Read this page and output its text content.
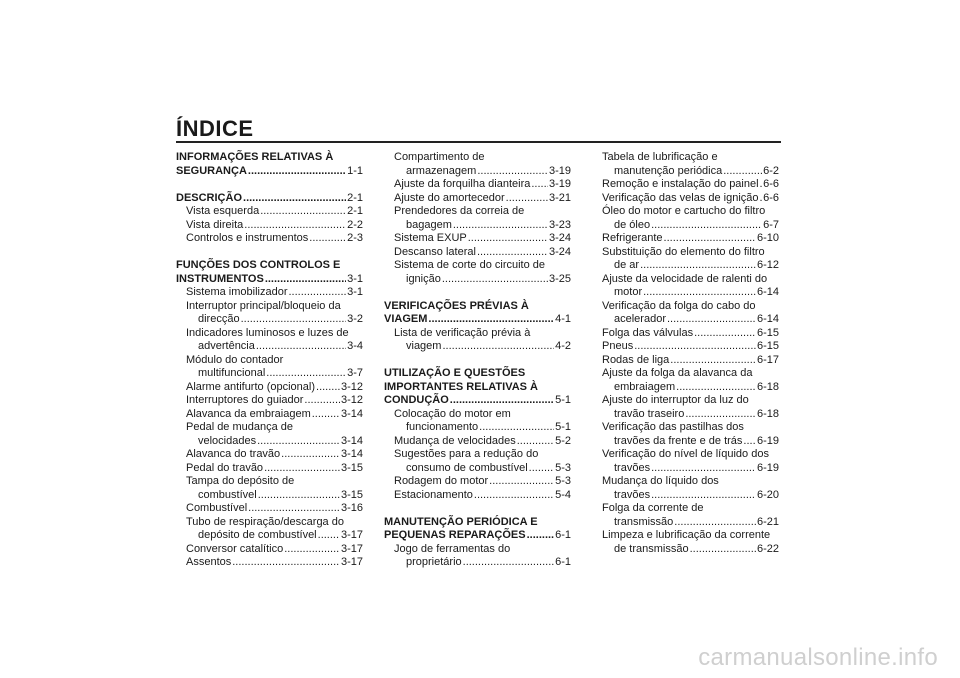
ÍNDICE
INFORMAÇÕES RELATIVAS À
SEGURANÇA .....	1-1
DESCRIÇÃO .....	2-1
Vista esquerda .....	2-1
Vista direita .....	2-2
Controlos e instrumentos .....	2-3
FUNÇÕES DOS CONTROLOS E
INSTRUMENTOS .....	3-1
Sistema imobilizador .....	3-1
Interruptor principal/bloqueio da
direcção .....	3-2
Indicadores luminosos e luzes de
advertência .....	3-4
Módulo do contador
multifuncional .....	3-7
Alarme antifurto (opcional) ..... 3-12
Interruptores do guiador .....	3-12
Alavanca da embraiagem .....	3-14
Pedal de mudança de
velocidades .....	3-14
Alavanca do travão .....	3-14
Pedal do travão .....	3-15
Tampa do depósito de
combustível .....	3-15
Combustível .....	3-16
Tubo de respiração/descarga do
depósito de combustível ..... 3-17
Conversor catalítico .....	3-17
Assentos .....	3-17
Compartimento de
armazenagem .....	3-19
Ajuste da forquilha dianteira ..... 3-19
Ajuste do amortecedor .....	3-21
Prendedores da correia de
bagagem .....	3-23
Sistema EXUP .....	3-24
Descanso lateral .....	3-24
Sistema de corte do circuito de
ignição .....	3-25
VERIFICAÇÕES PRÉVIAS À
VIAGEM .....	4-1
Lista de verificação prévia à
viagem .....	4-2
UTILIZAÇÃO E QUESTÕES
IMPORTANTES RELATIVAS À
CONDUÇÃO .....	5-1
Colocação do motor em
funcionamento .....	5-1
Mudança de velocidades .....	5-2
Sugestões para a redução do
consumo de combustível ..... 5-3
Rodagem do motor .....	5-3
Estacionamento .....	5-4
MANUTENÇÃO PERIÓDICA E
PEQUENAS REPARAÇÕES .....	6-1
Jogo de ferramentas do
proprietário .....	6-1
Tabela de lubrificação e
manutenção periódica .....	6-2
Remoção e instalação do painel ..... 6-6
Verificação das velas de ignição ..... 6-6
Óleo do motor e cartucho do filtro
de óleo .....	6-7
Refrigerante .....	6-10
Substituição do elemento do filtro
de ar .....	6-12
Ajuste da velocidade de ralenti do
motor .....	6-14
Verificação da folga do cabo do
acelerador .....	6-14
Folga das válvulas .....	6-15
Pneus .....	6-15
Rodas de liga .....	6-17
Ajuste da folga da alavanca da
embraiagem .....	6-18
Ajuste do interruptor da luz do
travão traseiro .....	6-18
Verificação das pastilhas dos
travões da frente e de trás ..... 6-19
Verificação do nível de líquido dos
travões .....	6-19
Mudança do líquido dos
travões .....	6-20
Folga da corrente de
transmissão .....	6-21
Limpeza e lubrificação da corrente
de transmissão .....	6-22
carmanualsonline.info
